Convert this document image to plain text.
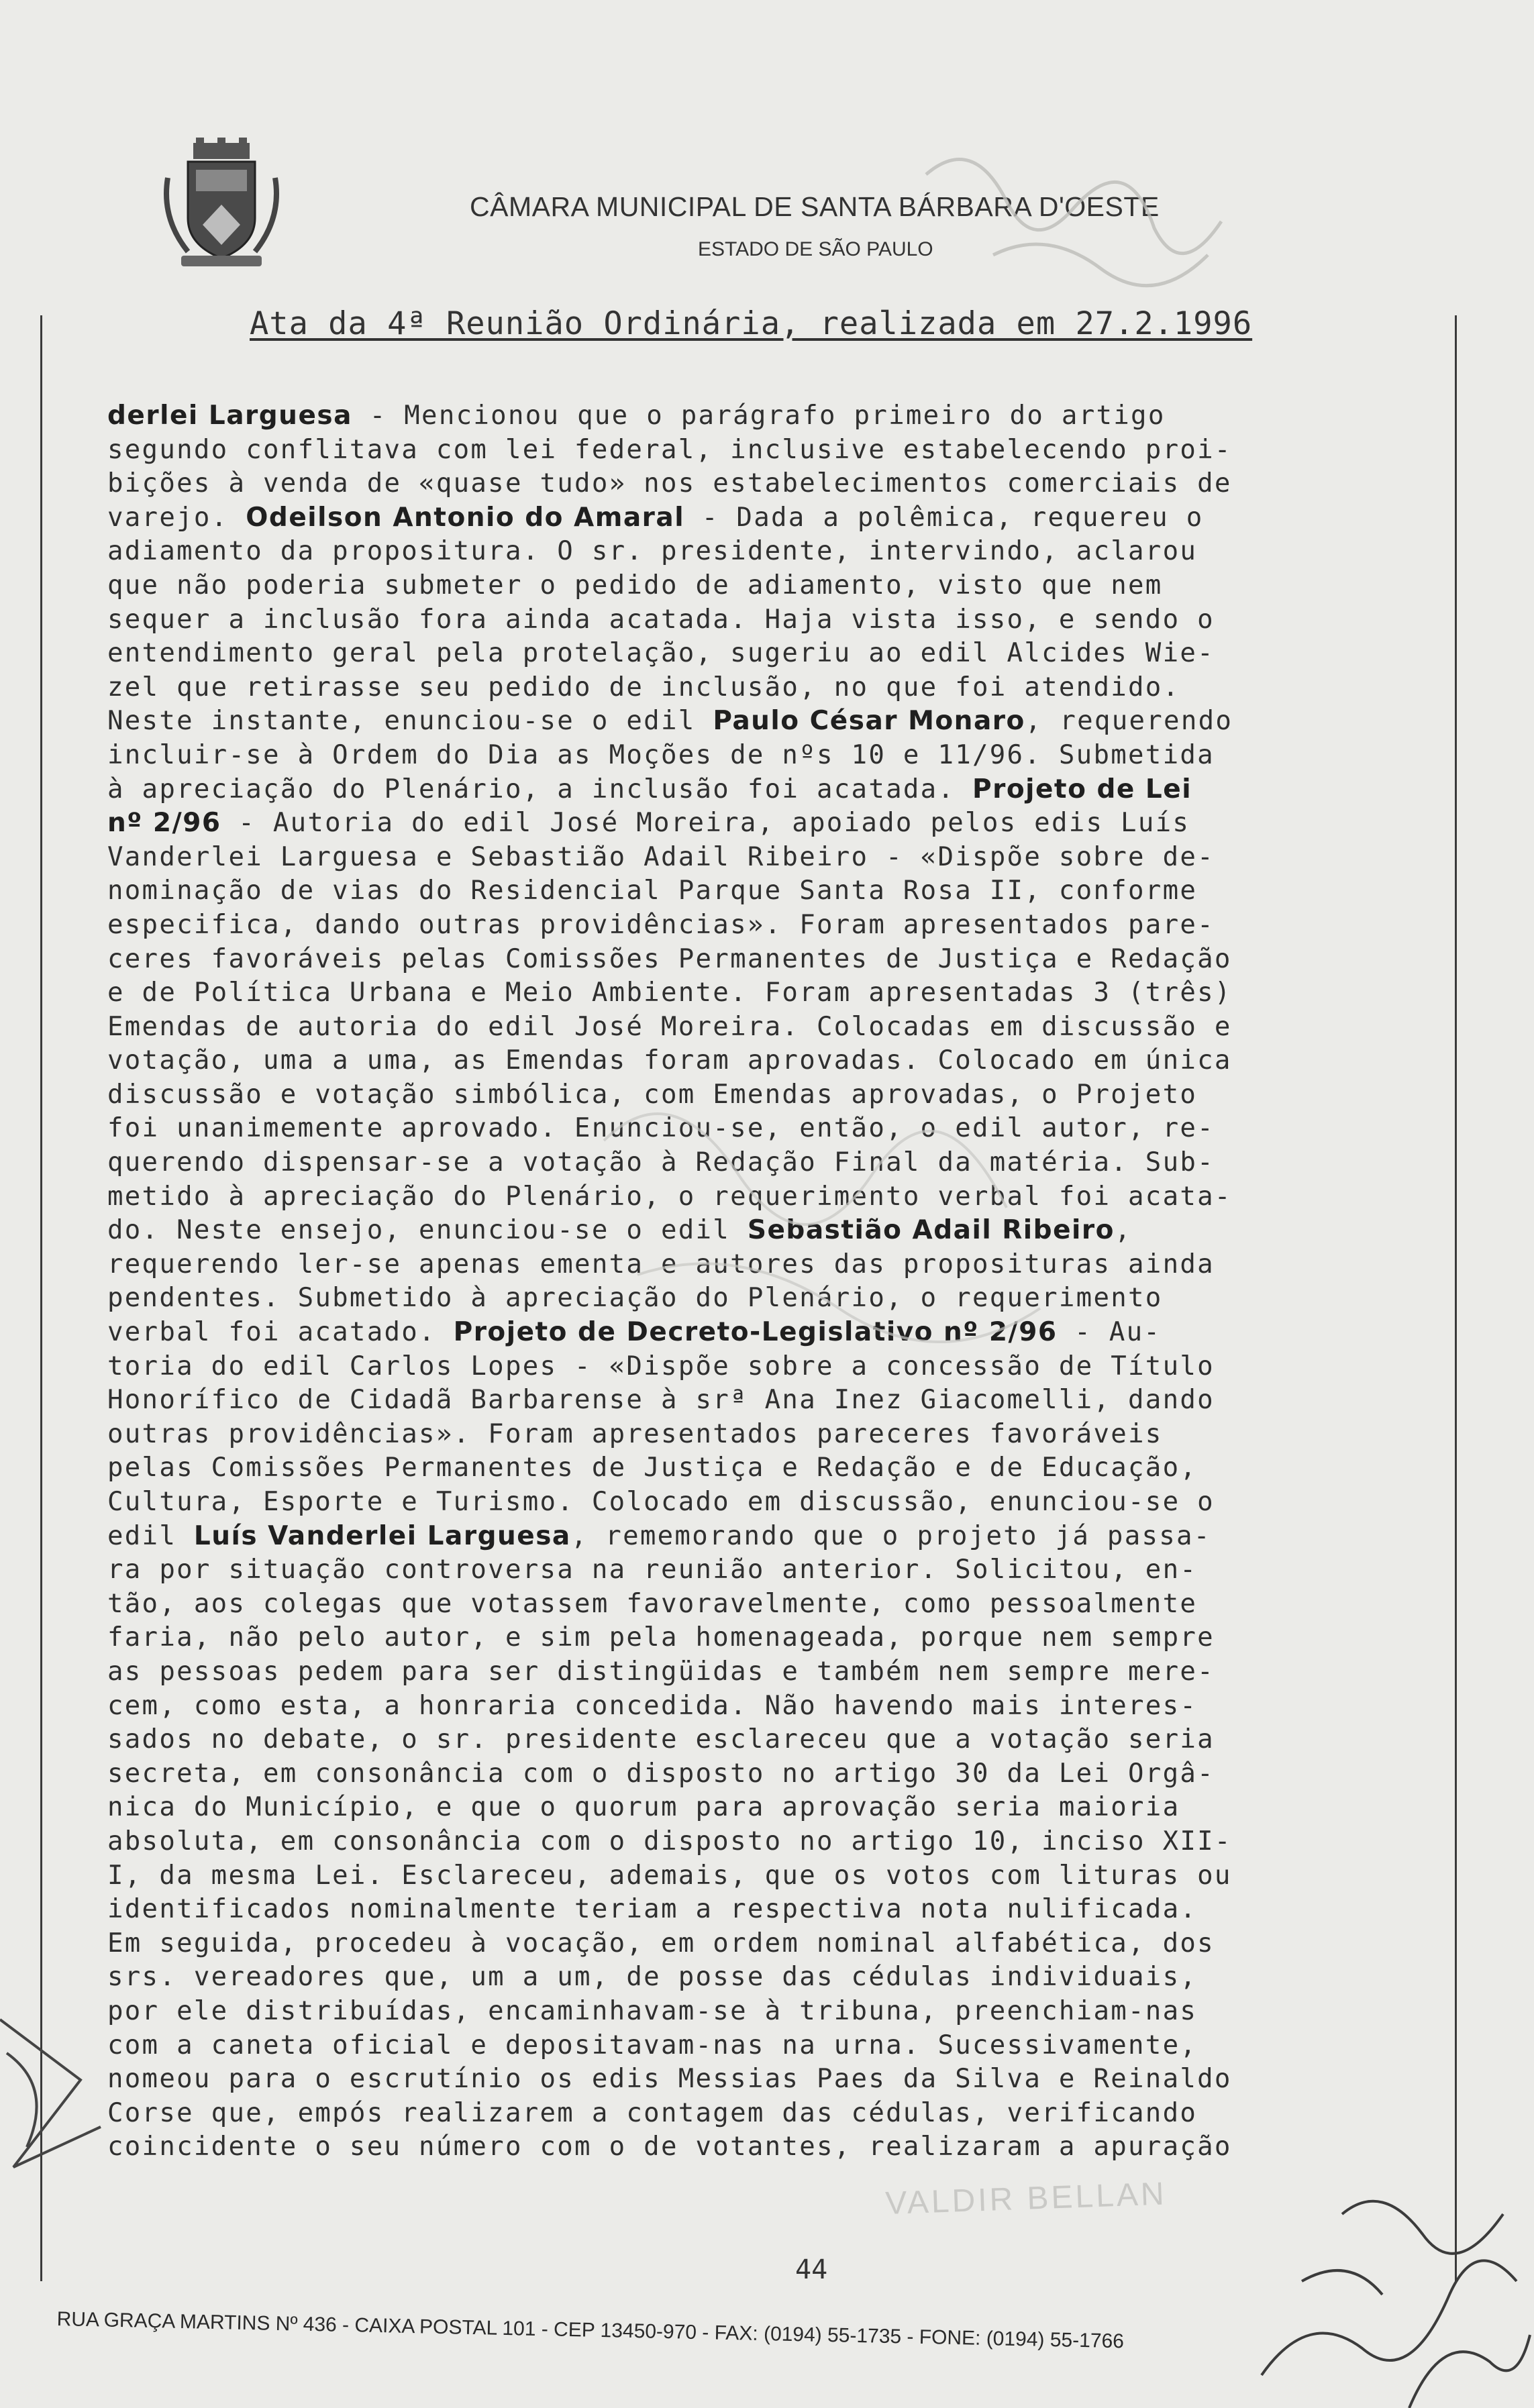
CÂMARA MUNICIPAL DE SANTA BÁRBARA D'OESTE
ESTADO DE SÃO PAULO
Ata da 4ª Reunião Ordinária, realizada em 27.2.1996
derlei Larguesa - Mencionou que o parágrafo primeiro do artigo
segundo conflitava com lei federal, inclusive estabelecendo proi-
bições à venda de «quase tudo» nos estabelecimentos comerciais de
varejo. Odeilson Antonio do Amaral - Dada a polêmica, requereu o
adiamento da propositura. O sr. presidente, intervindo, aclarou
que não poderia submeter o pedido de adiamento, visto que nem
sequer a inclusão fora ainda acatada. Haja vista isso, e sendo o
entendimento geral pela protelação, sugeriu ao edil Alcides Wie-
zel que retirasse seu pedido de inclusão, no que foi atendido.
Neste instante, enunciou-se o edil Paulo César Monaro, requerendo
incluir-se à Ordem do Dia as Moções de nºs 10 e 11/96. Submetida
à apreciação do Plenário, a inclusão foi acatada. Projeto de Lei
nº 2/96 - Autoria do edil José Moreira, apoiado pelos edis Luís
Vanderlei Larguesa e Sebastião Adail Ribeiro - «Dispõe sobre de-
nominação de vias do Residencial Parque Santa Rosa II, conforme
especifica, dando outras providências». Foram apresentados pare-
ceres favoráveis pelas Comissões Permanentes de Justiça e Redação
e de Política Urbana e Meio Ambiente. Foram apresentadas 3 (três)
Emendas de autoria do edil José Moreira. Colocadas em discussão e
votação, uma a uma, as Emendas foram aprovadas. Colocado em única
discussão e votação simbólica, com Emendas aprovadas, o Projeto
foi unanimemente aprovado. Enunciou-se, então, o edil autor, re-
querendo dispensar-se a votação à Redação Final da matéria. Sub-
metido à apreciação do Plenário, o requerimento verbal foi acata-
do. Neste ensejo, enunciou-se o edil Sebastião Adail Ribeiro,
requerendo ler-se apenas ementa e autores das proposituras ainda
pendentes. Submetido à apreciação do Plenário, o requerimento
verbal foi acatado. Projeto de Decreto-Legislativo nº 2/96 - Au-
toria do edil Carlos Lopes - «Dispõe sobre a concessão de Título
Honorífico de Cidadã Barbarense à srª Ana Inez Giacomelli, dando
outras providências». Foram apresentados pareceres favoráveis
pelas Comissões Permanentes de Justiça e Redação e de Educação,
Cultura, Esporte e Turismo. Colocado em discussão, enunciou-se o
edil Luís Vanderlei Larguesa, rememorando que o projeto já passa-
ra por situação controversa na reunião anterior. Solicitou, en-
tão, aos colegas que votassem favoravelmente, como pessoalmente
faria, não pelo autor, e sim pela homenageada, porque nem sempre
as pessoas pedem para ser distingüidas e também nem sempre mere-
cem, como esta, a honraria concedida. Não havendo mais interes-
sados no debate, o sr. presidente esclareceu que a votação seria
secreta, em consonância com o disposto no artigo 30 da Lei Orgâ-
nica do Município, e que o quorum para aprovação seria maioria
absoluta, em consonância com o disposto no artigo 10, inciso XII-
I, da mesma Lei. Esclareceu, ademais, que os votos com lituras ou
identificados nominalmente teriam a respectiva nota nulificada.
Em seguida, procedeu à vocação, em ordem nominal alfabética, dos
srs. vereadores que, um a um, de posse das cédulas individuais,
por ele distribuídas, encaminhavam-se à tribuna, preenchiam-nas
com a caneta oficial e depositavam-nas na urna. Sucessivamente,
nomeou para o escrutínio os edis Messias Paes da Silva e Reinaldo
Corse que, empós realizarem a contagem das cédulas, verificando
coincidente o seu número com o de votantes, realizaram a apuração
44
RUA GRAÇA MARTINS Nº 436 - CAIXA POSTAL 101 - CEP 13450-970 - FAX: (0194) 55-1735 - FONE: (0194) 55-1766
VALDIR BELLAN
